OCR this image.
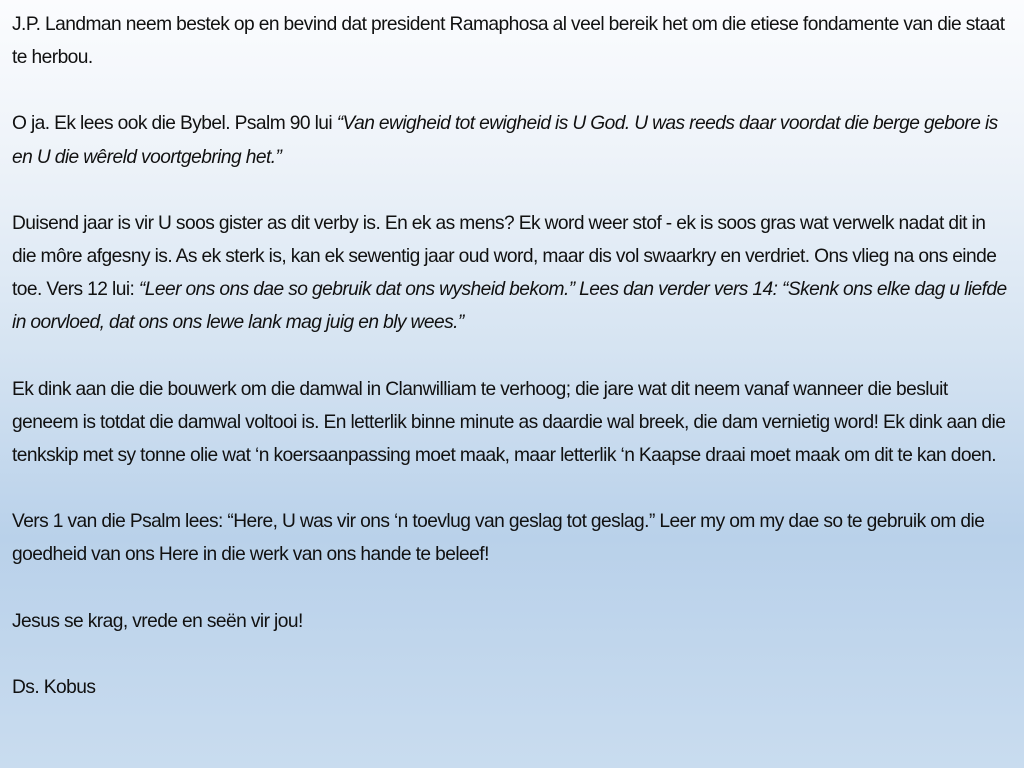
J.P. Landman neem bestek op en bevind dat president Ramaphosa al veel bereik het om die etiese fondamente van die staat te herbou.

O ja. Ek lees ook die Bybel. Psalm 90 lui “Van ewigheid tot ewigheid is U God. U was reeds daar voordat die berge gebore is en U die wêreld voortgebring het.”

Duisend jaar is vir U soos gister as dit verby is. En ek as mens? Ek word weer stof - ek is soos gras wat verwelk nadat dit in die môre afgesny is. As ek sterk is, kan ek sewentig jaar oud word, maar dis vol swaarkry en verdriet. Ons vlieg na ons einde toe. Vers 12 lui: “Leer ons ons dae so gebruik dat ons wysheid bekom.” Lees dan verder vers 14: “Skenk ons elke dag u liefde in oorvloed, dat ons ons lewe lank mag juig en bly wees.”

Ek dink aan die die bouwerk om die damwal in Clanwilliam te verhoog; die jare wat dit neem vanaf wanneer die besluit geneem is totdat die damwal voltooi is. En letterlik binne minute as daardie wal breek, die dam vernietig word! Ek dink aan die tenkskip met sy tonne olie wat ‘n koersaanpassing moet maak, maar letterlik ‘n Kaapse draai moet maak om dit te kan doen.

Vers 1 van die Psalm lees: “Here, U was vir ons ‘n toevlug van geslag tot geslag.” Leer my om my dae so te gebruik om die goedheid van ons Here in die werk van ons hande te beleef!

Jesus se krag, vrede en seën vir jou!

Ds. Kobus
